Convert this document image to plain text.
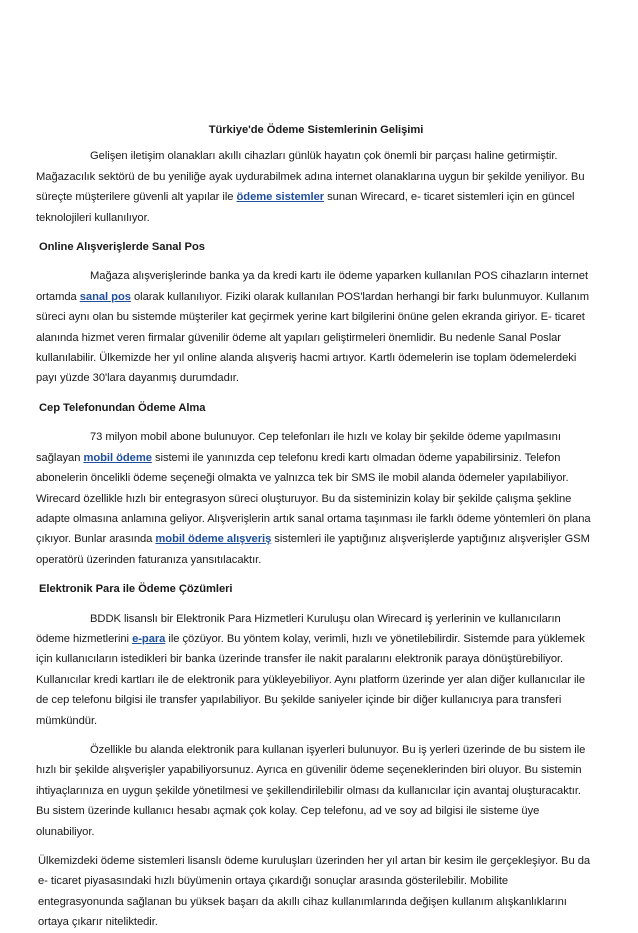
Türkiye'de Ödeme Sistemlerinin Gelişimi

Gelişen iletişim olanakları akıllı cihazları günlük hayatın çok önemli bir parçası haline getirmiştir. Mağazacılık sektörü de bu yeniliğe ayak uydurabilmek adına internet olanaklarına uygun bir şekilde yeniliyor. Bu süreçte müşterilere güvenli alt yapılar ile ödeme sistemler sunan Wirecard, e- ticaret sistemleri için en güncel teknolojileri kullanılıyor.

Online Alışverişlerde Sanal Pos

Mağaza alışverişlerinde banka ya da kredi kartı ile ödeme yaparken kullanılan POS cihazların internet ortamda sanal pos olarak kullanılıyor. Fiziki olarak kullanılan POS'lardan herhangi bir farkı bulunmuyor. Kullanım süreci aynı olan bu sistemde müşteriler kat geçirmek yerine kart bilgilerini önüne gelen ekranda giriyor. E- ticaret alanında hizmet veren firmalar güvenilir ödeme alt yapıları geliştirmeleri önemlidir. Bu nedenle Sanal Poslar kullanılabilir. Ülkemizde her yıl online alanda alışveriş hacmi artıyor. Kartlı ödemelerin ise toplam ödemelerdeki payı yüzde 30'lara dayanmış durumdadır.

Cep Telefonundan Ödeme Alma

73 milyon mobil abone bulunuyor. Cep telefonları ile hızlı ve kolay bir şekilde ödeme yapılmasını sağlayan mobil ödeme sistemi ile yanınızda cep telefonu kredi kartı olmadan ödeme yapabilirsiniz. Telefon abonelerin öncelikli ödeme seçeneği olmakta ve yalnızca tek bir SMS ile mobil alanda ödemeler yapılabiliyor. Wirecard özellikle hızlı bir entegrasyon süreci oluşturuyor. Bu da sisteminizin kolay bir şekilde çalışma şekline adapte olmasına anlamına geliyor. Alışverişlerin artık sanal ortama taşınması ile farklı ödeme yöntemleri ön plana çıkıyor. Bunlar arasında mobil ödeme alışveriş sistemleri ile yaptığınız alışverişlerde yaptığınız alışverişler GSM operatörü üzerinden faturanıza yansıtılacaktır.

Elektronik Para ile Ödeme Çözümleri

BDDK lisanslı bir Elektronik Para Hizmetleri Kuruluşu olan Wirecard iş yerlerinin ve kullanıcıların ödeme hizmetlerini e-para ile çözüyor. Bu yöntem kolay, verimli, hızlı ve yönetilebilirdir. Sistemde para yüklemek için kullanıcıların istedikleri bir banka üzerinde transfer ile nakit paralarını elektronik paraya dönüştürebiliyor. Kullanıcılar kredi kartları ile de elektronik para yükleyebiliyor. Aynı platform üzerinde yer alan diğer kullanıcılar ile de cep telefonu bilgisi ile transfer yapılabiliyor. Bu şekilde saniyeler içinde bir diğer kullanıcıya para transferi mümkündür.

Özellikle bu alanda elektronik para kullanan işyerleri bulunuyor. Bu iş yerleri üzerinde de bu sistem ile hızlı bir şekilde alışverişler yapabiliyorsunuz. Ayrıca en güvenilir ödeme seçeneklerinden biri oluyor. Bu sistemin ihtiyaçlarınıza en uygun şekilde yönetilmesi ve şekillendirilebilir olması da kullanıcılar için avantaj oluşturacaktır. Bu sistem üzerinde kullanıcı hesabı açmak çok kolay. Cep telefonu, ad ve soy ad bilgisi ile sisteme üye olunabiliyor.

Ülkemizdeki ödeme sistemleri lisanslı ödeme kuruluşları üzerinden her yıl artan bir kesim ile gerçekleşiyor. Bu da e- ticaret piyasasındaki hızlı büyümenin ortaya çıkardığı sonuçlar arasında gösterilebilir. Mobilite entegrasyonunda sağlanan bu yüksek başarı da akıllı cihaz kullanımlarında değişen kullanım alışkanlıklarını ortaya çıkarır niteliktedir.
